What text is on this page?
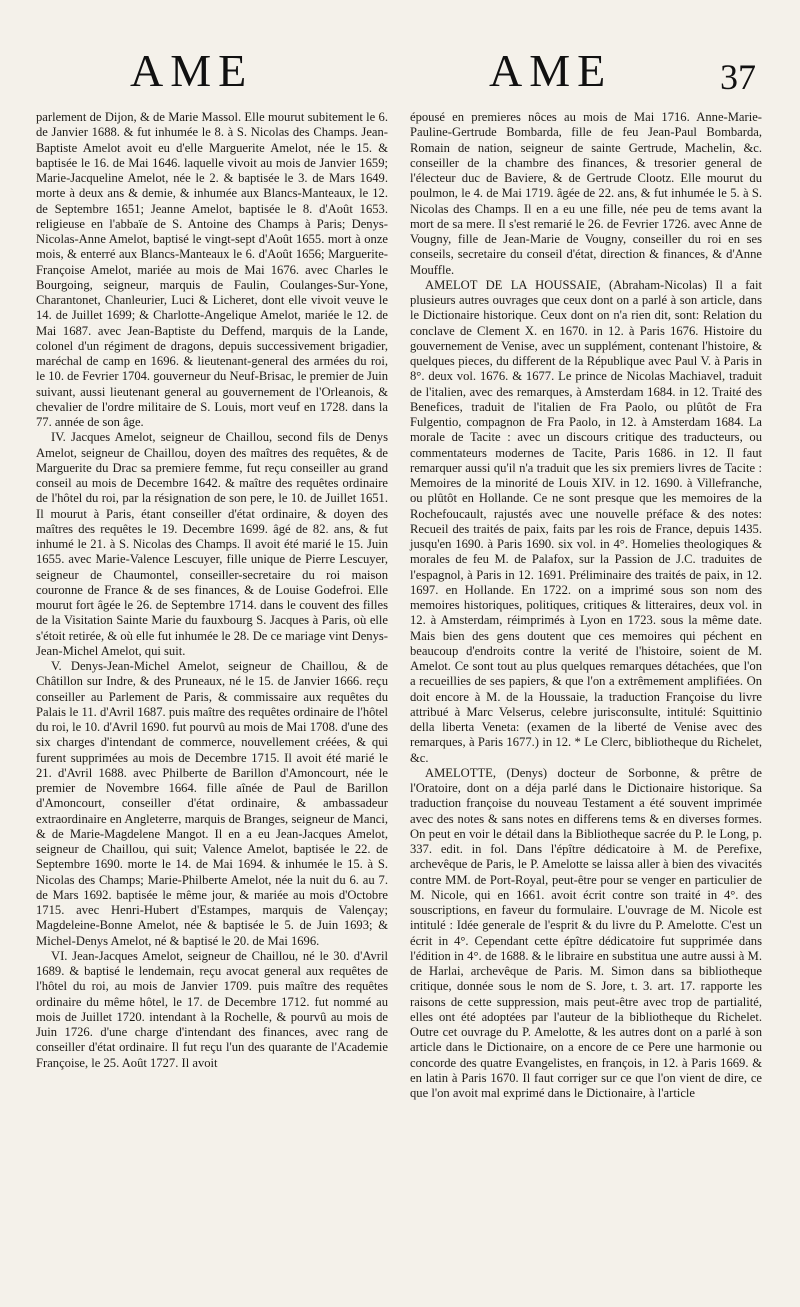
AME	AME	37

parlement de Dijon, & de Marie Massol. Elle mourut subitement le 6. de Janvier 1688. & fut inhumée le 8. à S. Nicolas des Champs. Jean-Baptiste Amelot avoit eu d'elle Marguerite Amelot, née le 15. & baptisée le 16. de Mai 1646. laquelle vivoit au mois de Janvier 1659; Marie-Jacqueline Amelot, née le 2. & baptisée le 3. de Mars 1649. morte à deux ans & demie, & inhumée aux Blancs-Manteaux, le 12. de Septembre 1651; Jeanne Amelot, baptisée le 8. d'Août 1653. religieuse en l'abbaïe de S. Antoine des Champs à Paris; Denys-Nicolas-Anne Amelot, baptisé le vingt-sept d'Août 1655. mort à onze mois, & enterré aux Blancs-Manteaux le 6. d'Août 1656; Marguerite-Françoise Amelot, mariée au mois de Mai 1676. avec Charles le Bourgoing, seigneur, marquis de Faulin, Coulanges-Sur-Yone, Charantonet, Chanleurier, Luci & Licheret, dont elle vivoit veuve le 14. de Juillet 1699; & Charlotte-Angelique Amelot, mariée le 12. de Mai 1687. avec Jean-Baptiste du Deffend, marquis de la Lande, colonel d'un régiment de dragons, depuis successivement brigadier, maréchal de camp en 1696. & lieutenant-general des armées du roi, le 10. de Fevrier 1704. gouverneur du Neuf-Brisac, le premier de Juin suivant, aussi lieutenant general au gouvernement de l'Orleanois, & chevalier de l'ordre militaire de S. Louis, mort veuf en 1728. dans la 77. année de son âge.

IV. Jacques Amelot, seigneur de Chaillou, second fils de Denys Amelot, seigneur de Chaillou, doyen des maîtres des requêtes, & de Marguerite du Drac sa premiere femme, fut reçu conseiller au grand conseil au mois de Decembre 1642. & maître des requêtes ordinaire de l'hôtel du roi, par la résignation de son pere, le 10. de Juillet 1651. Il mourut à Paris, étant conseiller d'état ordinaire, & doyen des maîtres des requêtes le 19. Decembre 1699. âgé de 82. ans, & fut inhumé le 21. à S. Nicolas des Champs. Il avoit été marié le 15. Juin 1655. avec Marie-Valence Lescuyer, fille unique de Pierre Lescuyer, seigneur de Chaumontel, conseiller-secretaire du roi maison couronne de France & de ses finances, & de Louise Godefroi. Elle mourut fort âgée le 26. de Septembre 1714. dans le couvent des filles de la Visitation Sainte Marie du fauxbourg S. Jacques à Paris, où elle s'étoit retirée, & où elle fut inhumée le 28. De ce mariage vint Denys-Jean-Michel Amelot, qui suit.

V. Denys-Jean-Michel Amelot, seigneur de Chaillou, & de Châtillon sur Indre, & des Pruneaux, né le 15. de Janvier 1666. reçu conseiller au Parlement de Paris, & commissaire aux requêtes du Palais le 11. d'Avril 1687. puis maître des requêtes ordinaire de l'hôtel du roi, le 10. d'Avril 1690. fut pourvû au mois de Mai 1708. d'une des six charges d'intendant de commerce, nouvellement créées, & qui furent supprimées au mois de Decembre 1715. Il avoit été marié le 21. d'Avril 1688. avec Philberte de Barillon d'Amoncourt, née le premier de Novembre 1664. fille aînée de Paul de Barillon d'Amoncourt, conseiller d'état ordinaire, & ambassadeur extraordinaire en Angleterre, marquis de Branges, seigneur de Manci, & de Marie-Magdelene Mangot. Il en a eu Jean-Jacques Amelot, seigneur de Chaillou, qui suit; Valence Amelot, baptisée le 22. de Septembre 1690. morte le 14. de Mai 1694. & inhumée le 15. à S. Nicolas des Champs; Marie-Philberte Amelot, née la nuit du 6. au 7. de Mars 1692. baptisée le même jour, & mariée au mois d'Octobre 1715. avec Henri-Hubert d'Estampes, marquis de Valençay; Magdeleine-Bonne Amelot, née & baptisée le 5. de Juin 1693; & Michel-Denys Amelot, né & baptisé le 20. de Mai 1696.

VI. Jean-Jacques Amelot, seigneur de Chaillou, né le 30. d'Avril 1689. & baptisé le lendemain, reçu avocat general aux requêtes de l'hôtel du roi, au mois de Janvier 1709. puis maître des requêtes ordinaire du même hôtel, le 17. de Decembre 1712. fut nommé au mois de Juillet 1720. intendant à la Rochelle, & pourvû au mois de Juin 1726. d'une charge d'intendant des finances, avec rang de conseiller d'état ordinaire. Il fut reçu l'un des quarante de l'Academie Françoise, le 25. Août 1727. Il avoit

épousé en premieres nôces au mois de Mai 1716. Anne-Marie-Pauline-Gertrude Bombarda, fille de feu Jean-Paul Bombarda, Romain de nation, seigneur de sainte Gertrude, Machelin, &c. conseiller de la chambre des finances, & tresorier general de l'électeur duc de Baviere, & de Gertrude Clootz. Elle mourut du poulmon, le 4. de Mai 1719. âgée de 22. ans, & fut inhumée le 5. à S. Nicolas des Champs. Il en a eu une fille, née peu de tems avant la mort de sa mere. Il s'est remarié le 26. de Fevrier 1726. avec Anne de Vougny, fille de Jean-Marie de Vougny, conseiller du roi en ses conseils, secretaire du conseil d'état, direction & finances, & d'Anne Mouffle.

AMELOT DE LA HOUSSAIE, (Abraham-Nicolas) Il a fait plusieurs autres ouvrages que ceux dont on a parlé à son article, dans le Dictionaire historique. Ceux dont on n'a rien dit, sont: Relation du conclave de Clement X. en 1670. in 12. à Paris 1676. Histoire du gouvernement de Venise, avec un supplément, contenant l'histoire, & quelques pieces, du different de la République avec Paul V. à Paris in 8°. deux vol. 1676. & 1677. Le prince de Nicolas Machiavel, traduit de l'italien, avec des remarques, à Amsterdam 1684. in 12. Traité des Benefices, traduit de l'italien de Fra Paolo, ou plûtôt de Fra Fulgentio, compagnon de Fra Paolo, in 12. à Amsterdam 1684. La morale de Tacite : avec un discours critique des traducteurs, ou commentateurs modernes de Tacite, Paris 1686. in 12. Il faut remarquer aussi qu'il n'a traduit que les six premiers livres de Tacite : Memoires de la minorité de Louis XIV. in 12. 1690. à Villefranche, ou plûtôt en Hollande. Ce ne sont presque que les memoires de la Rochefoucault, rajustés avec une nouvelle préface & des notes: Recueil des traités de paix, faits par les rois de France, depuis 1435. jusqu'en 1690. à Paris 1690. six vol. in 4°. Homelies theologiques & morales de feu M. de Palafox, sur la Passion de J.C. traduites de l'espagnol, à Paris in 12. 1691. Préliminaire des traités de paix, in 12. 1697. en Hollande. En 1722. on a imprimé sous son nom des memoires historiques, politiques, critiques & litteraires, deux vol. in 12. à Amsterdam, réimprimés à Lyon en 1723. sous la même date. Mais bien des gens doutent que ces memoires qui péchent en beaucoup d'endroits contre la verité de l'histoire, soient de M. Amelot. Ce sont tout au plus quelques remarques détachées, que l'on a recueillies de ses papiers, & que l'on a extrêmement amplifiées. On doit encore à M. de la Houssaie, la traduction Françoise du livre attribué à Marc Velserus, celebre jurisconsulte, intitulé: Squittinio della liberta Veneta: (examen de la liberté de Venise avec des remarques, à Paris 1677.) in 12. * Le Clerc, bibliotheque du Richelet, &c.

AMELOTTE, (Denys) docteur de Sorbonne, & prêtre de l'Oratoire, dont on a déja parlé dans le Dictionaire historique. Sa traduction françoise du nouveau Testament a été souvent imprimée avec des notes & sans notes en differens tems & en diverses formes. On peut en voir le détail dans la Bibliotheque sacrée du P. le Long, p. 337. edit. in fol. Dans l'épître dédicatoire à M. de Perefixe, archevêque de Paris, le P. Amelotte se laissa aller à bien des vivacités contre MM. de Port-Royal, peut-être pour se venger en particulier de M. Nicole, qui en 1661. avoit écrit contre son traité in 4°. des souscriptions, en faveur du formulaire. L'ouvrage de M. Nicole est intitulé : Idée generale de l'esprit & du livre du P. Amelotte. C'est un écrit in 4°. Cependant cette épître dédicatoire fut supprimée dans l'édition in 4°. de 1688. & le libraire en substitua une autre aussi à M. de Harlai, archevêque de Paris. M. Simon dans sa bibliotheque critique, donnée sous le nom de S. Jore, t. 3. art. 17. rapporte les raisons de cette suppression, mais peut-être avec trop de partialité, elles ont été adoptées par l'auteur de la bibliotheque du Richelet. Outre cet ouvrage du P. Amelotte, & les autres dont on a parlé à son article dans le Dictionaire, on a encore de ce Pere une harmonie ou concorde des quatre Evangelistes, en françois, in 12. à Paris 1669. & en latin à Paris 1670. Il faut corriger sur ce que l'on vient de dire, ce que l'on avoit mal exprimé dans le Dictionaire, à l'article
